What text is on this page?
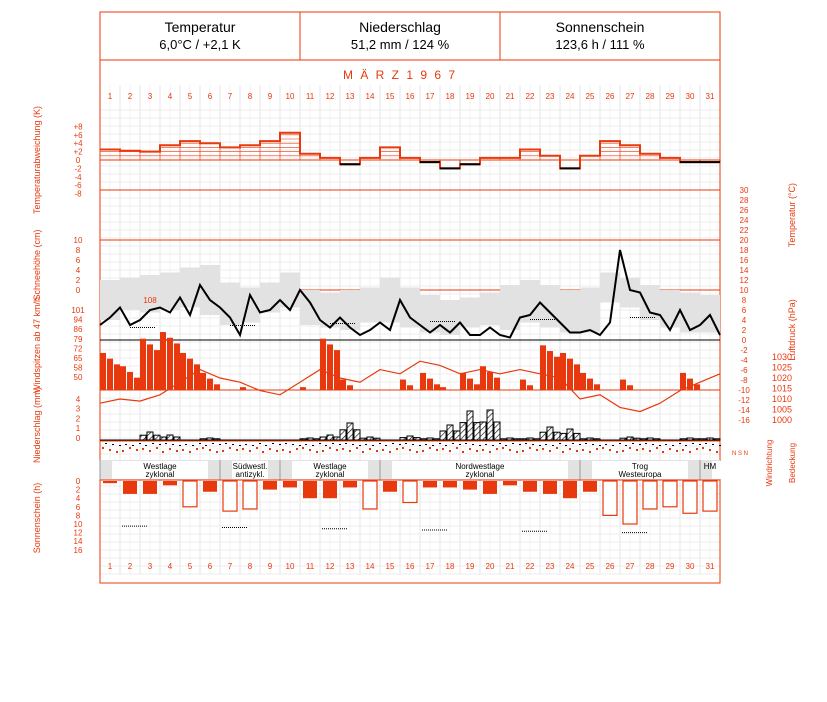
M Ä R Z 1 9 6 7
1
1
2
2
3
3
4
4
5
5
6
6
7
7
8
8
9
9
10
10
11
11
12
12
13
13
14
14
15
15
16
16
17
17
18
18
19
19
20
20
21
21
22
22
23
23
24
24
25
25
26
26
27
27
28
28
29
29
30
30
31
31
+8
+6
+4
+2
0
-2
-4
-6
-8	30
28
26
24
22
20
18
16
14
12
10
8
6
4
2
0
-2
-4
-6
-8
-10
-12
-14
-16
10
8
6
4
2
0
101
94
86
79
72
65
58
50
108
1030
1025
1020
1015
1010
1005
1000
4
3
2
1
0
N S N
Westlage
zyklonal
Südwestl.
antizykl.
Westlage
zyklonal
Nordwestlage
zyklonal
Trog
Westeuropa
HM
0
2
4
6
8
10
12
14
16
Temperaturabweichung (K)
Schneehöhe (cm)
Windspitzen ab 47 km/h
Niederschlag (mm)
Sonnenschein (h)
Temperatur (°C)
Luftdruck (hPa)
Windrichtung Bedeckung
Temperatur
6,0°C / +2,1 K
Niederschlag
51,2 mm / 124 %
Sonnenschein
123,6 h / 111 %
